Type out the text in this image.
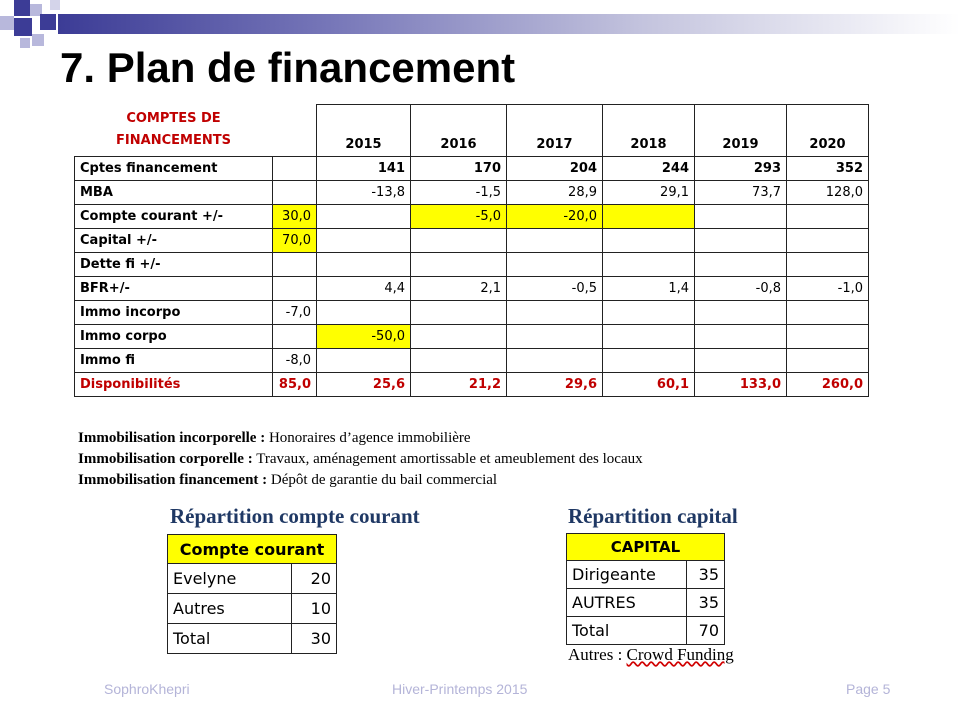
7. Plan de financement
COMPTES DE
FINANCEMENTS		2015	2016	2017	2018	2019	2020
Cptes financement		141	170	204	244	293	352
MBA		-13,8	-1,5	28,9	29,1	73,7	128,0
Compte courant +/-	30,0		-5,0	-20,0			
Capital +/-	70,0						
Dette fi +/-							
BFR+/-		4,4	2,1	-0,5	1,4	-0,8	-1,0
Immo incorpo	-7,0						
Immo corpo		-50,0					
Immo fi	-8,0						
Disponibilités	85,0	25,6	21,2	29,6	60,1	133,0	260,0
Immobilisation incorporelle : Honoraires d’agence immobilière
Immobilisation corporelle : Travaux, aménagement amortissable et ameublement des locaux
Immobilisation financement : Dépôt de garantie du bail commercial
Répartition compte courant
Compte courant	
Evelyne	20
Autres	10
Total	30
Répartition capital
CAPITAL	
Dirigeante	35
AUTRES	35
Total	70
Autres : Crowd Funding
SophroKhepri	Hiver-Printemps 2015	Page 5
